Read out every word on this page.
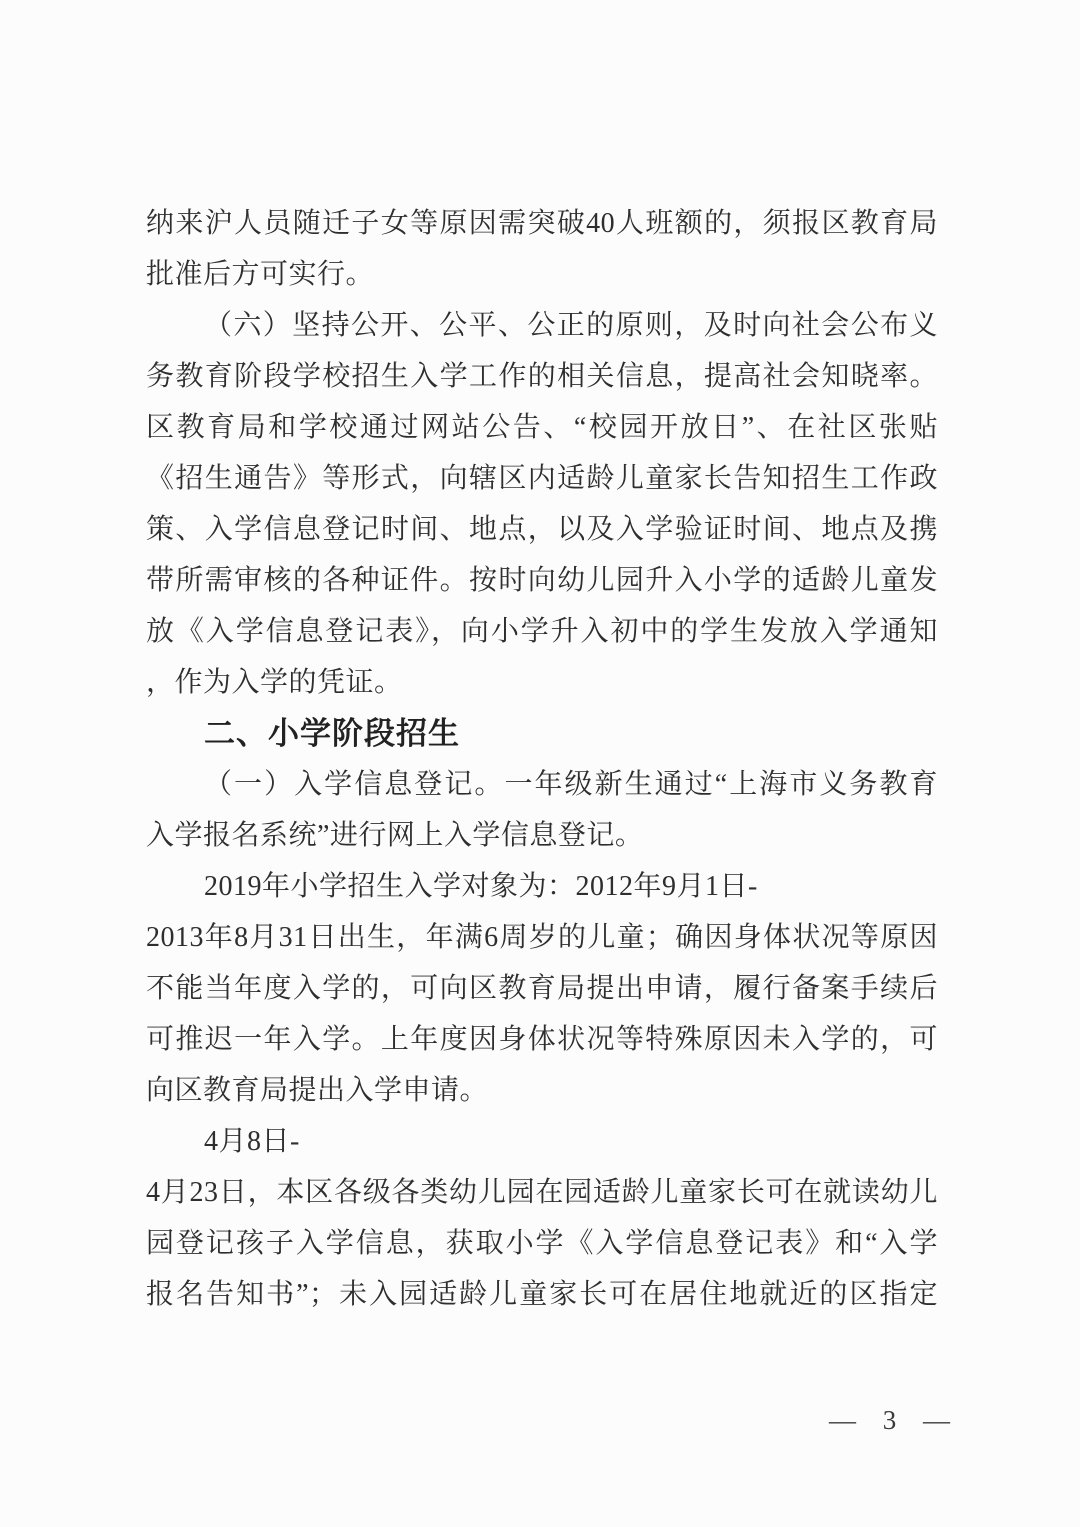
纳来沪人员随迁子女等原因需突破40人班额的，须报区教育局

批准后方可实行。

（六）坚持公开、公平、公正的原则，及时向社会公布义

务教育阶段学校招生入学工作的相关信息，提高社会知晓率。

区教育局和学校通过网站公告、“校园开放日”、在社区张贴

《招生通告》等形式，向辖区内适龄儿童家长告知招生工作政

策、入学信息登记时间、地点，以及入学验证时间、地点及携

带所需审核的各种证件。按时向幼儿园升入小学的适龄儿童发

放《入学信息登记表》，向小学升入初中的学生发放入学通知

，作为入学的凭证。

二、小学阶段招生

（一）入学信息登记。一年级新生通过“上海市义务教育

入学报名系统”进行网上入学信息登记。

2019年小学招生入学对象为：2012年9月1日-

2013年8月31日出生，年满6周岁的儿童；确因身体状况等原因

不能当年度入学的，可向区教育局提出申请，履行备案手续后

可推迟一年入学。上年度因身体状况等特殊原因未入学的，可

向区教育局提出入学申请。

4月8日-

4月23日，本区各级各类幼儿园在园适龄儿童家长可在就读幼儿

园登记孩子入学信息，获取小学《入学信息登记表》和“入学

报名告知书”；未入园适龄儿童家长可在居住地就近的区指定

— 3 —
